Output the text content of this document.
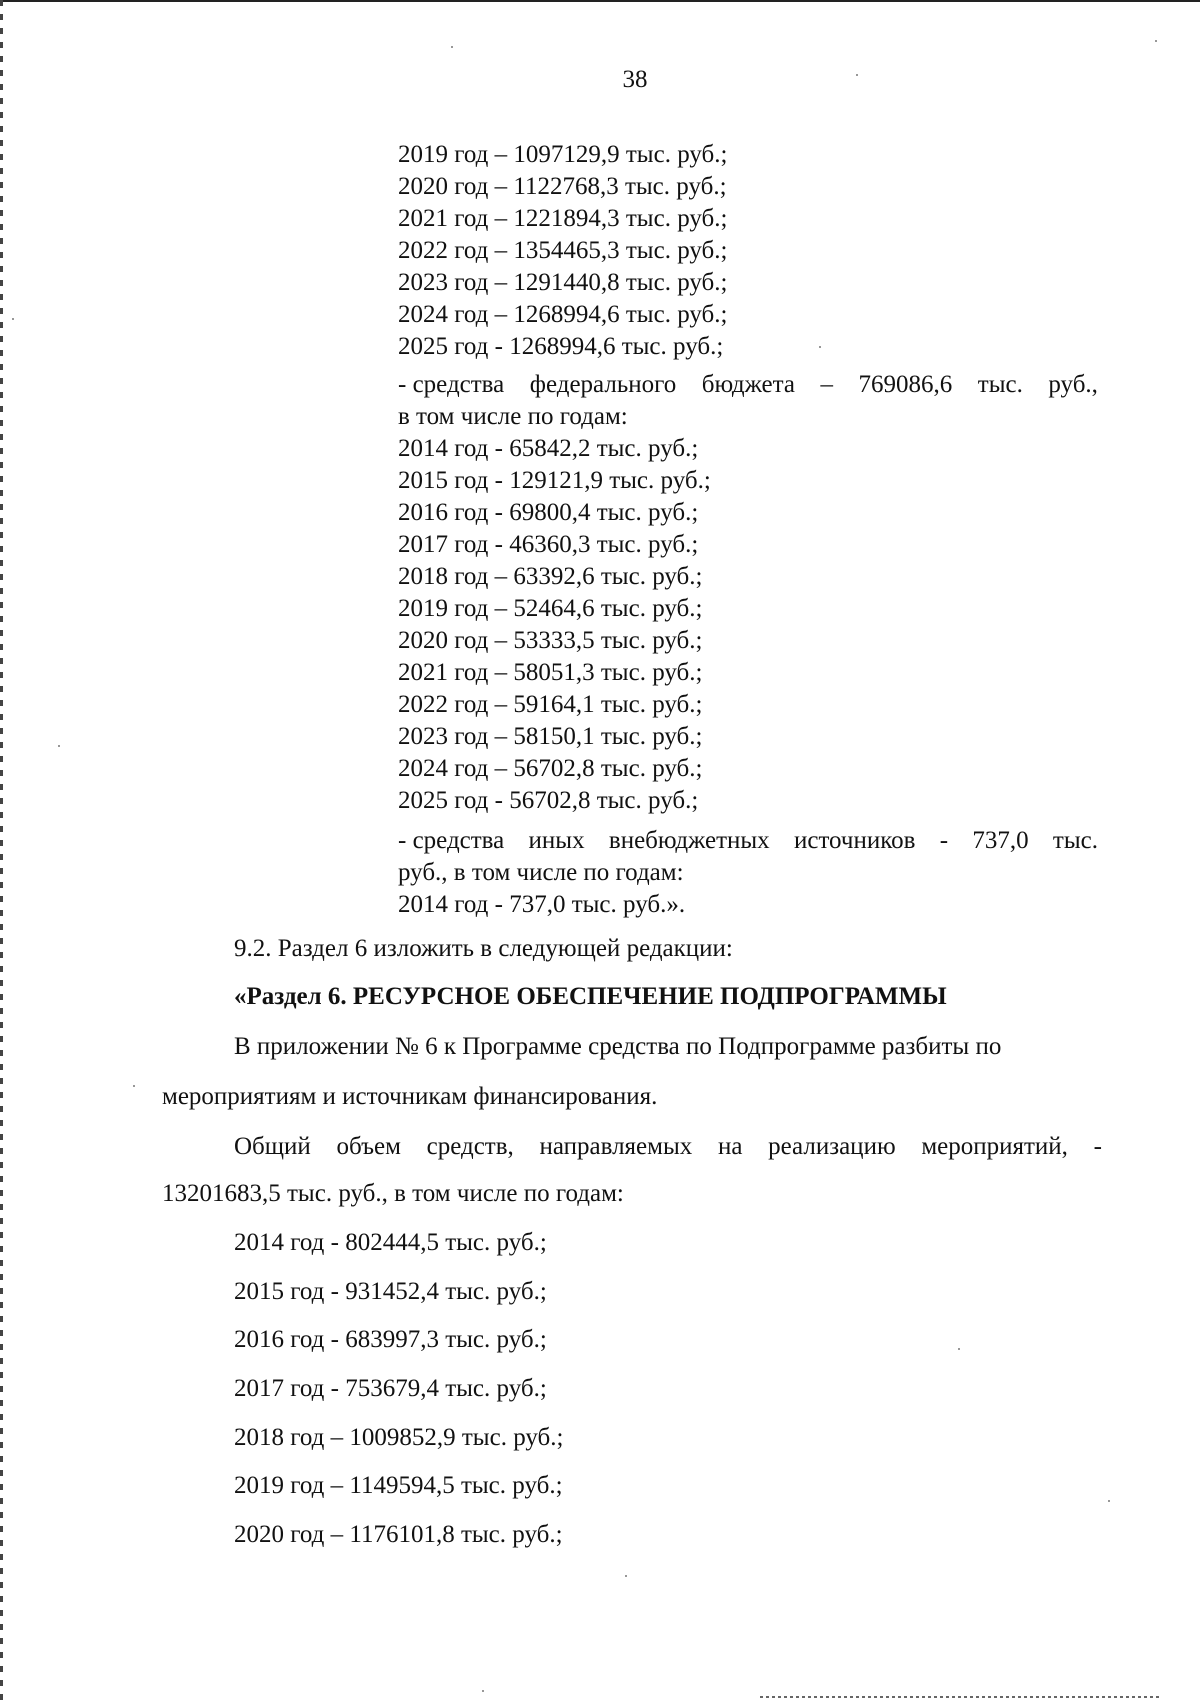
38
2019 год – 1097129,9 тыс. руб.;
2020 год – 1122768,3 тыс. руб.;
2021 год – 1221894,3 тыс. руб.;
2022 год – 1354465,3 тыс. руб.;
2023 год – 1291440,8 тыс. руб.;
2024 год – 1268994,6 тыс. руб.;
2025 год - 1268994,6 тыс. руб.;
- средства федерального бюджета – 769086,6 тыс. руб.,
в том числе по годам:
2014 год - 65842,2 тыс. руб.;
2015 год - 129121,9 тыс. руб.;
2016 год - 69800,4 тыс. руб.;
2017 год - 46360,3 тыс. руб.;
2018 год – 63392,6 тыс. руб.;
2019 год – 52464,6 тыс. руб.;
2020 год – 53333,5 тыс. руб.;
2021 год – 58051,3 тыс. руб.;
2022 год – 59164,1 тыс. руб.;
2023 год – 58150,1 тыс. руб.;
2024 год – 56702,8 тыс. руб.;
2025 год - 56702,8 тыс. руб.;
- средства иных внебюджетных источников - 737,0 тыс.
руб., в том числе по годам:
2014 год - 737,0 тыс. руб.».
9.2. Раздел 6 изложить в следующей редакции:
«Раздел 6. РЕСУРСНОЕ ОБЕСПЕЧЕНИЕ ПОДПРОГРАММЫ
В приложении № 6 к Программе средства по Подпрограмме разбиты по
мероприятиям и источникам финансирования.
Общий объем средств, направляемых на реализацию мероприятий, -
13201683,5 тыс. руб., в том числе по годам:
2014 год - 802444,5 тыс. руб.;
2015 год - 931452,4 тыс. руб.;
2016 год - 683997,3 тыс. руб.;
2017 год - 753679,4 тыс. руб.;
2018 год – 1009852,9 тыс. руб.;
2019 год – 1149594,5 тыс. руб.;
2020 год – 1176101,8 тыс. руб.;
